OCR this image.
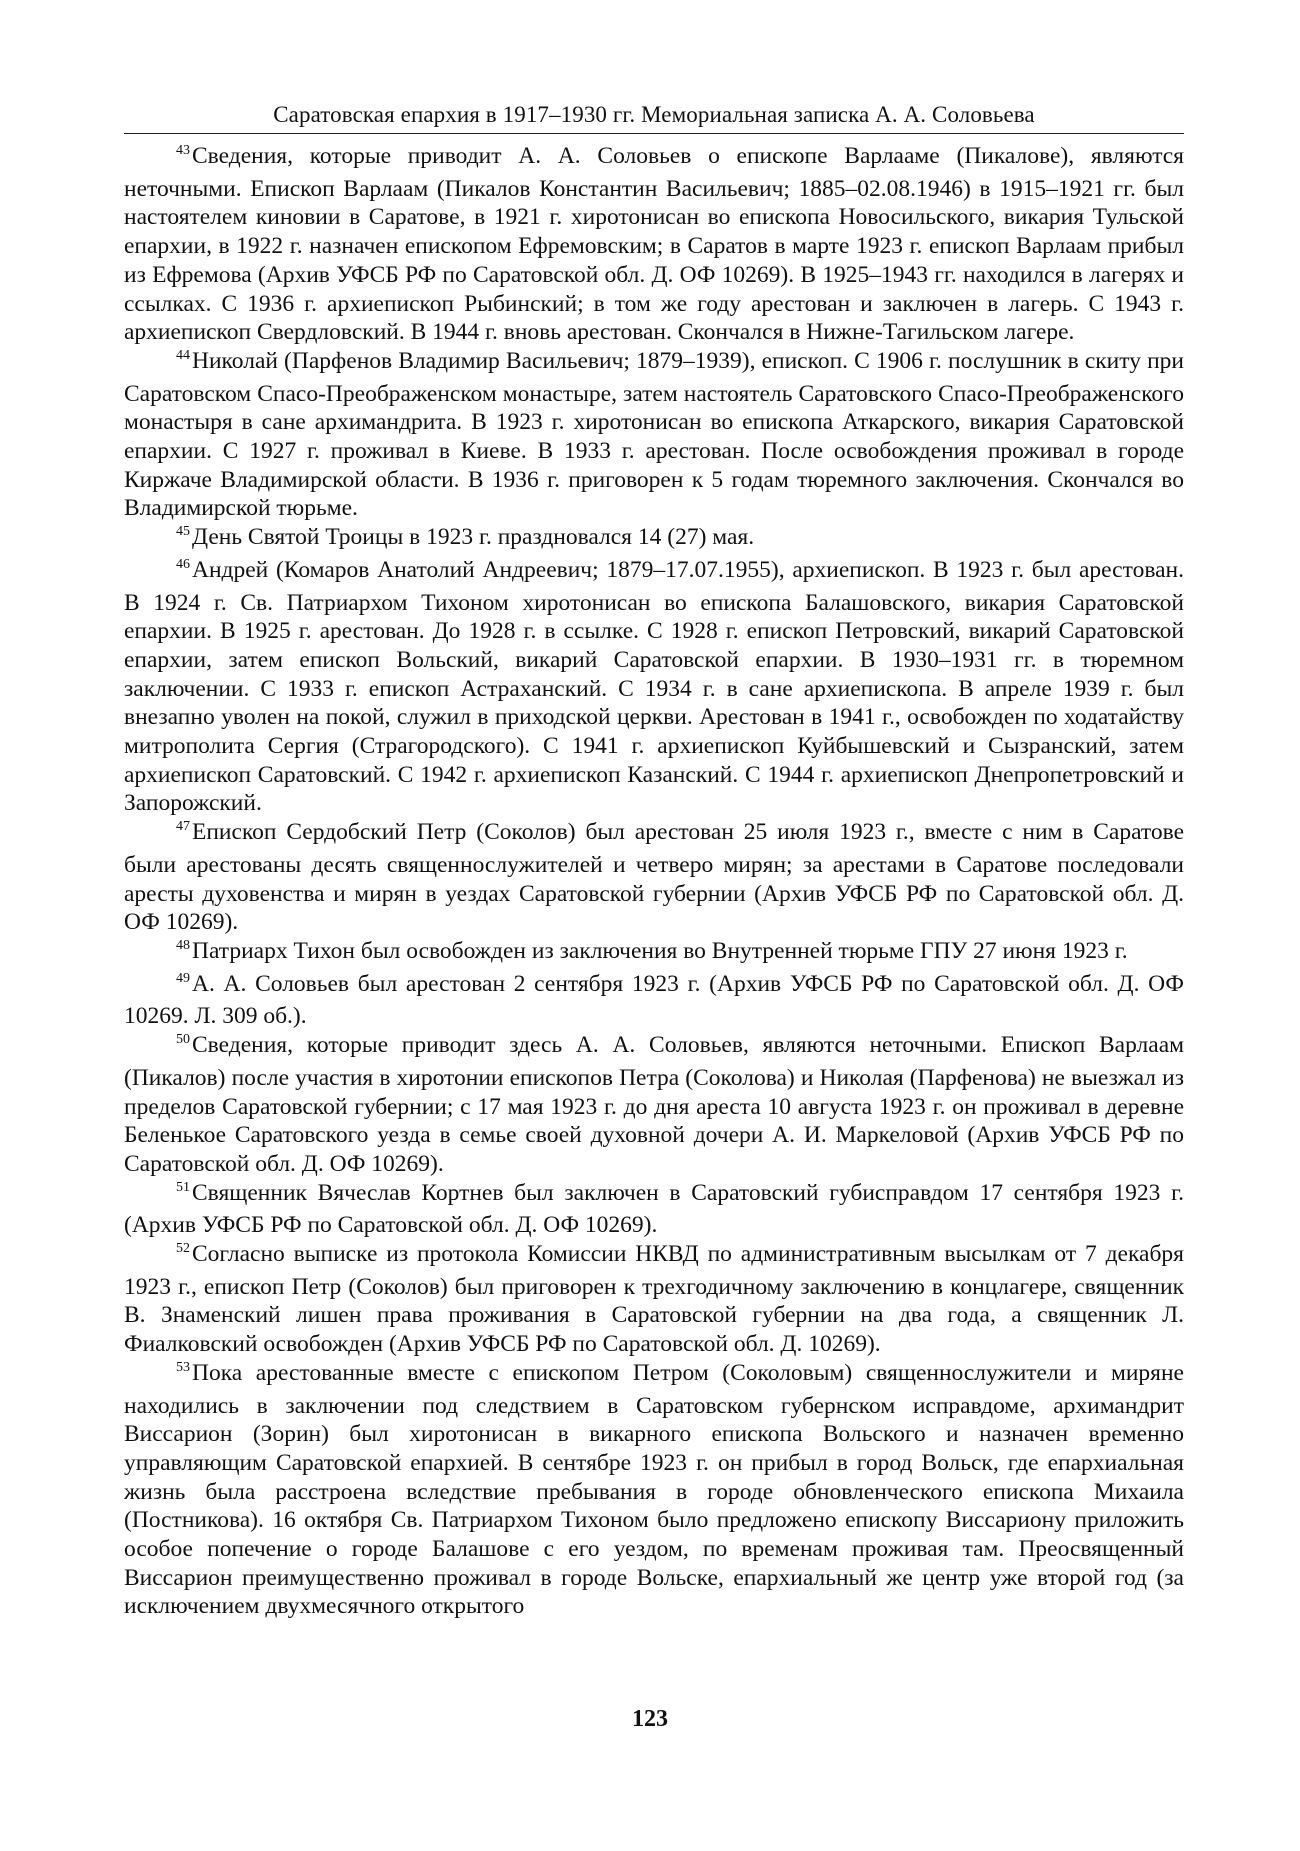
Саратовская епархия в 1917–1930 гг. Мемориальная записка А. А. Соловьева

$^{43}$Сведения, которые приводит А. А. Соловьев о епископе Варлааме (Пикалове), являются неточными. Епископ Варлаам (Пикалов Константин Васильевич; 1885–02.08.1946) в 1915–1921 гг. был настоятелем киновии в Саратове, в 1921 г. хиротонисан во епископа Новосильского, викария Тульской епархии, в 1922 г. назначен епископом Ефремовским; в Саратов в марте 1923 г. епископ Варлаам прибыл из Ефремова (Архив УФСБ РФ по Саратовской обл. Д. ОФ 10269). В 1925–1943 гг. находился в лагерях и ссылках. С 1936 г. архиепископ Рыбинский; в том же году арестован и заключен в лагерь. С 1943 г. архиепископ Свердловский. В 1944 г. вновь арестован. Скончался в Нижне-Тагильском лагере.

$^{44}$Николай (Парфенов Владимир Васильевич; 1879–1939), епископ. С 1906 г. послушник в скиту при Саратовском Спасо-Преображенском монастыре, затем настоятель Саратовского Спасо-Преображенского монастыря в сане архимандрита. В 1923 г. хиротонисан во епископа Аткарского, викария Саратовской епархии. С 1927 г. проживал в Киеве. В 1933 г. арестован. После освобождения проживал в городе Киржаче Владимирской области. В 1936 г. приговорен к 5 годам тюремного заключения. Скончался во Владимирской тюрьме.

$^{45}$День Святой Троицы в 1923 г. праздновался 14 (27) мая.

$^{46}$Андрей (Комаров Анатолий Андреевич; 1879–17.07.1955), архиепископ. В 1923 г. был арестован. В 1924 г. Св. Патриархом Тихоном хиротонисан во епископа Балашовского, викария Саратовской епархии. В 1925 г. арестован. До 1928 г. в ссылке. С 1928 г. епископ Петровский, викарий Саратовской епархии, затем епископ Вольский, викарий Саратовской епархии. В 1930–1931 гг. в тюремном заключении. С 1933 г. епископ Астраханский. С 1934 г. в сане архиепископа. В апреле 1939 г. был внезапно уволен на покой, служил в приходской церкви. Арестован в 1941 г., освобожден по ходатайству митрополита Сергия (Страгородского). С 1941 г. архиепископ Куйбышевский и Сызранский, затем архиепископ Саратовский. С 1942 г. архиепископ Казанский. С 1944 г. архиепископ Днепропетровский и Запорожский.

$^{47}$Епископ Сердобский Петр (Соколов) был арестован 25 июля 1923 г., вместе с ним в Саратове были арестованы десять священнослужителей и четверо мирян; за арестами в Саратове последовали аресты духовенства и мирян в уездах Саратовской губернии (Архив УФСБ РФ по Саратовской обл. Д. ОФ 10269).

$^{48}$Патриарх Тихон был освобожден из заключения во Внутренней тюрьме ГПУ 27 июня 1923 г.

$^{49}$А. А. Соловьев был арестован 2 сентября 1923 г. (Архив УФСБ РФ по Саратовской обл. Д. ОФ 10269. Л. 309 об.).

$^{50}$Сведения, которые приводит здесь А. А. Соловьев, являются неточными. Епископ Варлаам (Пикалов) после участия в хиротонии епископов Петра (Соколова) и Николая (Парфенова) не выезжал из пределов Саратовской губернии; с 17 мая 1923 г. до дня ареста 10 августа 1923 г. он проживал в деревне Беленькое Саратовского уезда в семье своей духовной дочери А. И. Маркеловой (Архив УФСБ РФ по Саратовской обл. Д. ОФ 10269).

$^{51}$Священник Вячеслав Кортнев был заключен в Саратовский губисправдом 17 сентября 1923 г. (Архив УФСБ РФ по Саратовской обл. Д. ОФ 10269).

$^{52}$Согласно выписке из протокола Комиссии НКВД по административным высылкам от 7 декабря 1923 г., епископ Петр (Соколов) был приговорен к трехгодичному заключению в концлагере, священник В. Знаменский лишен права проживания в Саратовской губернии на два года, а священник Л. Фиалковский освобожден (Архив УФСБ РФ по Саратовской обл. Д. 10269).

$^{53}$Пока арестованные вместе с епископом Петром (Соколовым) священнослужители и миряне находились в заключении под следствием в Саратовском губернском исправдоме, архимандрит Виссарион (Зорин) был хиротонисан в викарного епископа Вольского и назначен временно управляющим Саратовской епархией. В сентябре 1923 г. он прибыл в город Вольск, где епархиальная жизнь была расстроена вследствие пребывания в городе обновленческого епископа Михаила (Постникова). 16 октября Св. Патриархом Тихоном было предложено епископу Виссариону приложить особое попечение о городе Балашове с его уездом, по временам проживая там. Преосвященный Виссарион преимущественно проживал в городе Вольске, епархиальный же центр уже второй год (за исключением двухмесячного открытого

123
